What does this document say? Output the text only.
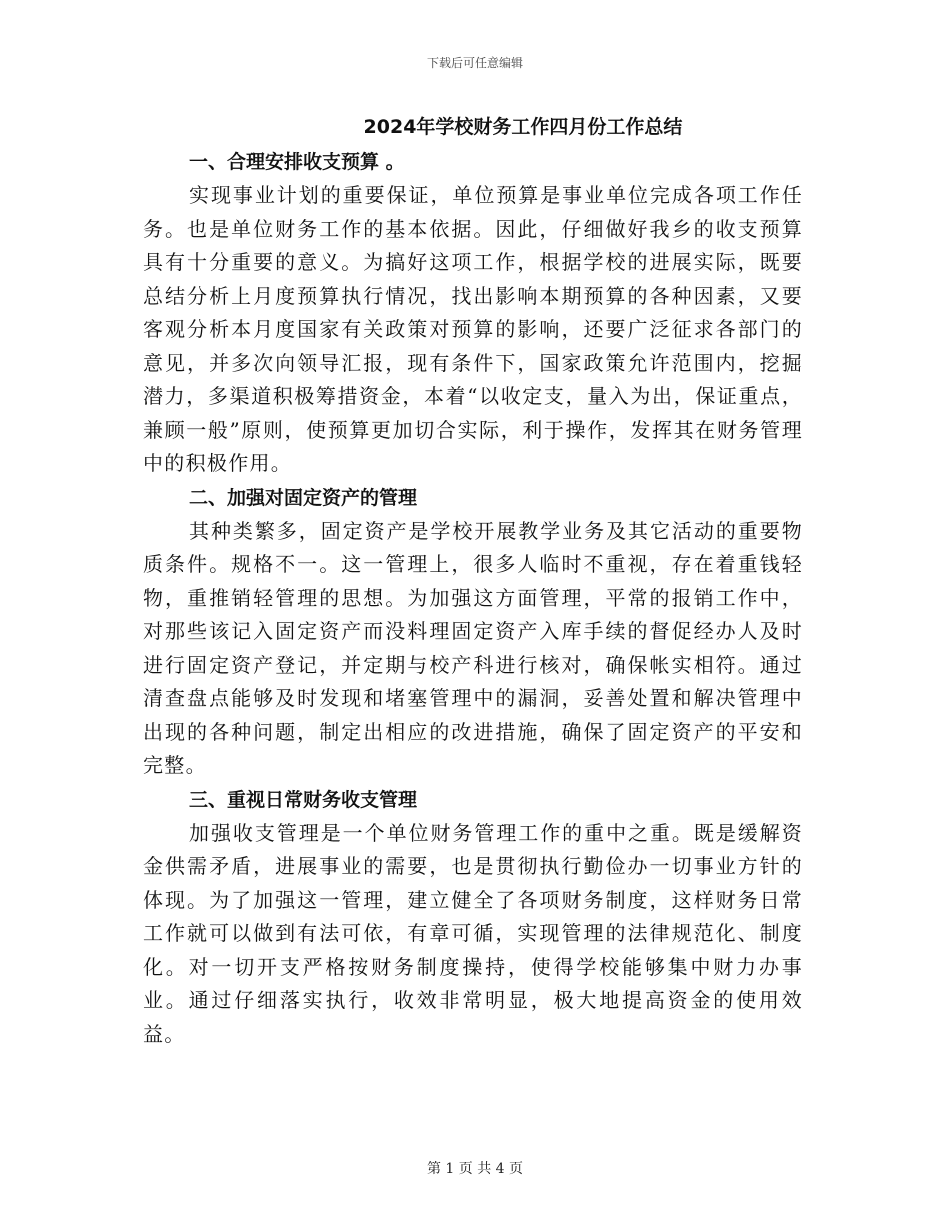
下载后可任意编辑
2024年学校财务工作四月份工作总结
一、合理安排收支预算 。

实现事业计划的重要保证，单位预算是事业单位完成各项工作任务。也是单位财务工作的基本依据。因此，仔细做好我乡的收支预算具有十分重要的意义。为搞好这项工作，根据学校的进展实际，既要总结分析上月度预算执行情况，找出影响本期预算的各种因素，又要客观分析本月度国家有关政策对预算的影响，还要广泛征求各部门的意见，并多次向领导汇报，现有条件下，国家政策允许范围内，挖掘潜力，多渠道积极筹措资金，本着“以收定支，量入为出，保证重点，兼顾一般”原则，使预算更加切合实际，利于操作，发挥其在财务管理中的积极作用。

二、加强对固定资产的管理

其种类繁多，固定资产是学校开展教学业务及其它活动的重要物质条件。规格不一。这一管理上，很多人临时不重视，存在着重钱轻物，重推销轻管理的思想。为加强这方面管理，平常的报销工作中，对那些该记入固定资产而没料理固定资产入库手续的督促经办人及时进行固定资产登记，并定期与校产科进行核对，确保帐实相符。通过清查盘点能够及时发现和堵塞管理中的漏洞，妥善处置和解决管理中出现的各种问题，制定出相应的改进措施，确保了固定资产的平安和完整。

三、重视日常财务收支管理

加强收支管理是一个单位财务管理工作的重中之重。既是缓解资金供需矛盾，进展事业的需要，也是贯彻执行勤俭办一切事业方针的体现。为了加强这一管理，建立健全了各项财务制度，这样财务日常工作就可以做到有法可依，有章可循，实现管理的法律规范化、制度化。对一切开支严格按财务制度操持，使得学校能够集中财力办事业。通过仔细落实执行，收效非常明显，极大地提高资金的使用效益。

第 1 页 共 4 页
